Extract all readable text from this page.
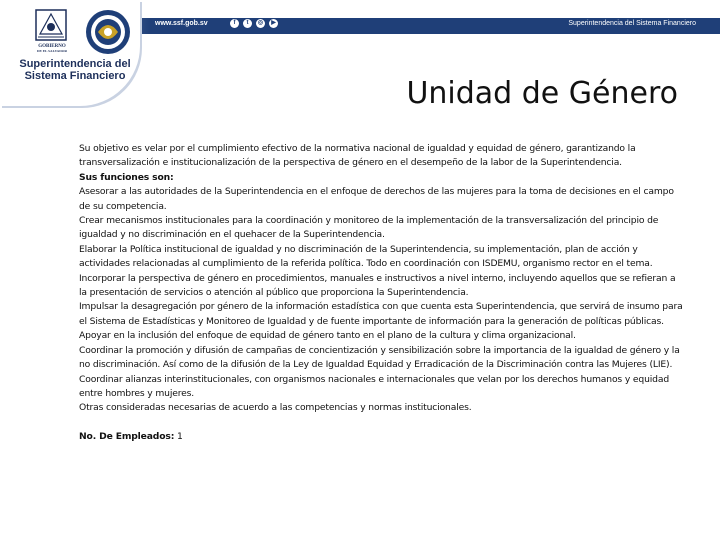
www.ssf.gob.sv	f	t	◎	▶	Superintendencia del Sistema Financiero
GOBIERNO
DE EL SALVADOR
Superintendencia del
Sistema Financiero	Unidad de Género

Su objetivo es velar por el cumplimiento efectivo de la normativa nacional de igualdad y equidad de género, garantizando la transversalización e institucionalización de la perspectiva de género en el desempeño de la labor de la Superintendencia.

Sus funciones son:

Asesorar a las autoridades de la Superintendencia en el enfoque de derechos de las mujeres para la toma de decisiones en el campo de su competencia.

Crear mecanismos institucionales para la coordinación y monitoreo de la implementación de la transversalización del principio de igualdad y no discriminación en el quehacer de la Superintendencia.

Elaborar la Política institucional de igualdad y no discriminación de la Superintendencia, su implementación, plan de acción y actividades relacionadas al cumplimiento de la referida política. Todo en coordinación con ISDEMU, organismo rector en el tema.

Incorporar la perspectiva de género en procedimientos, manuales e instructivos a nivel interno, incluyendo aquellos que se refieran a la presentación de servicios o atención al público que proporciona la Superintendencia.

Impulsar la desagregación por género de la información estadística con que cuenta esta Superintendencia, que servirá de insumo para el Sistema de Estadísticas y Monitoreo de Igualdad y de fuente importante de información para la generación de políticas públicas.

Apoyar en la inclusión del enfoque de equidad de género tanto en el plano de la cultura y clima organizacional.

Coordinar la promoción y difusión de campañas de concientización y sensibilización sobre la importancia de la igualdad de género y la no discriminación. Así como de la difusión de la Ley de Igualdad Equidad y Erradicación de la Discriminación contra las Mujeres (LIE).

Coordinar alianzas interinstitucionales, con organismos nacionales e internacionales que velan por los derechos humanos y equidad entre hombres y mujeres.

Otras consideradas necesarias de acuerdo a las competencias y normas institucionales.

No. De Empleados: 1
